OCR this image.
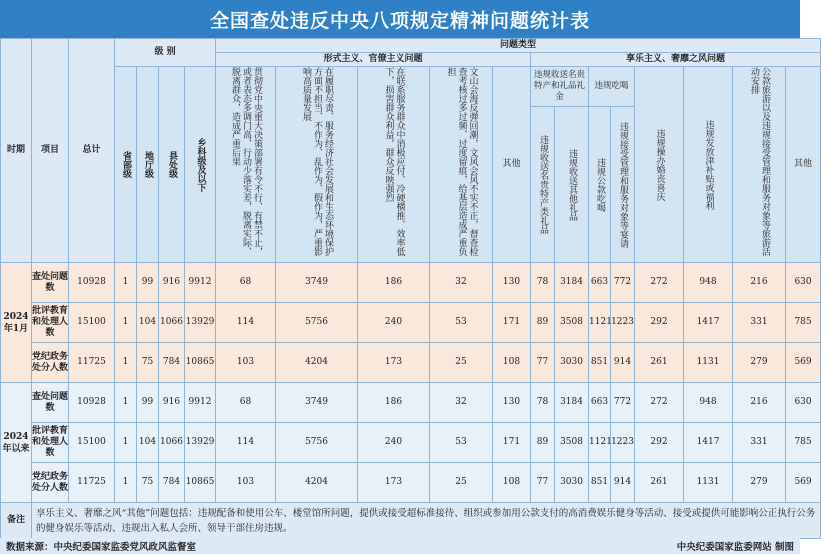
全国查处违反中央八项规定精神问题统计表
时期	项目	总计	级 别				问题类型												
							形式主义、官僚主义问题					享乐主义、奢靡之风问题							

			省部级	地厅级	县处级	乡科级及以下	贯彻党中央重大决策部署有令不行、有禁不止，或者表态多调门高、行动少落实差，脱离实际、脱离群众，造成严重后果	在履职尽责、服务经济社会发展和生态环境保护方面不担当、不作为、乱作为、假作为，严重影响高质量发展	在联系服务群众中消极应付、冷硬横推、效率低下，损害群众利益，群众反映强烈	文山会海反弹回潮，文风会风不实不正，督查检查考核过多过频、过度留痕，给基层造成严重负担	其他	违规收送名贵特产和礼品礼金		违规吃喝		违规操办婚丧喜庆	违规发放津补贴或福利	公款旅游以及违规接受管理和服务对象等旅游活动安排	其他

												违规收送名贵特产类礼品	违规收送其他礼品	违规公款吃喝	违规接受管理和服务对象等宴请				

2024年1月	查处问题数	10928	1	99	916	9912	68	3749	186	32	130	78	3184	663	772	272	948	216	630
	批评教育和处理人数	15100	1	104	1066	13929	114	5756	240	53	171	89	3508	1121	1223	292	1417	331	785
	党纪政务处分人数	11725	1	75	784	10865	103	4204	173	25	108	77	3030	851	914	261	1131	279	569
2024年以来	查处问题数	10928	1	99	916	9912	68	3749	186	32	130	78	3184	663	772	272	948	216	630
	批评教育和处理人数	15100	1	104	1066	13929	114	5756	240	53	171	89	3508	1121	1223	292	1417	331	785
	党纪政务处分人数	11725	1	75	784	10865	103	4204	173	25	108	77	3030	851	914	261	1131	279	569
备注	享乐主义、奢靡之风“其他”问题包括：违规配备和使用公车、楼堂馆所问题，提供或接受超标准接待、组织或参加用公款支付的高消费娱乐健身等活动、接受或提供可能影响公正执行公务的健身娱乐等活动、违规出入私人会所、领导干部住房违规。																		
数据来源：中央纪委国家监委党风政风监督室	中央纪委国家监委网站 制图
